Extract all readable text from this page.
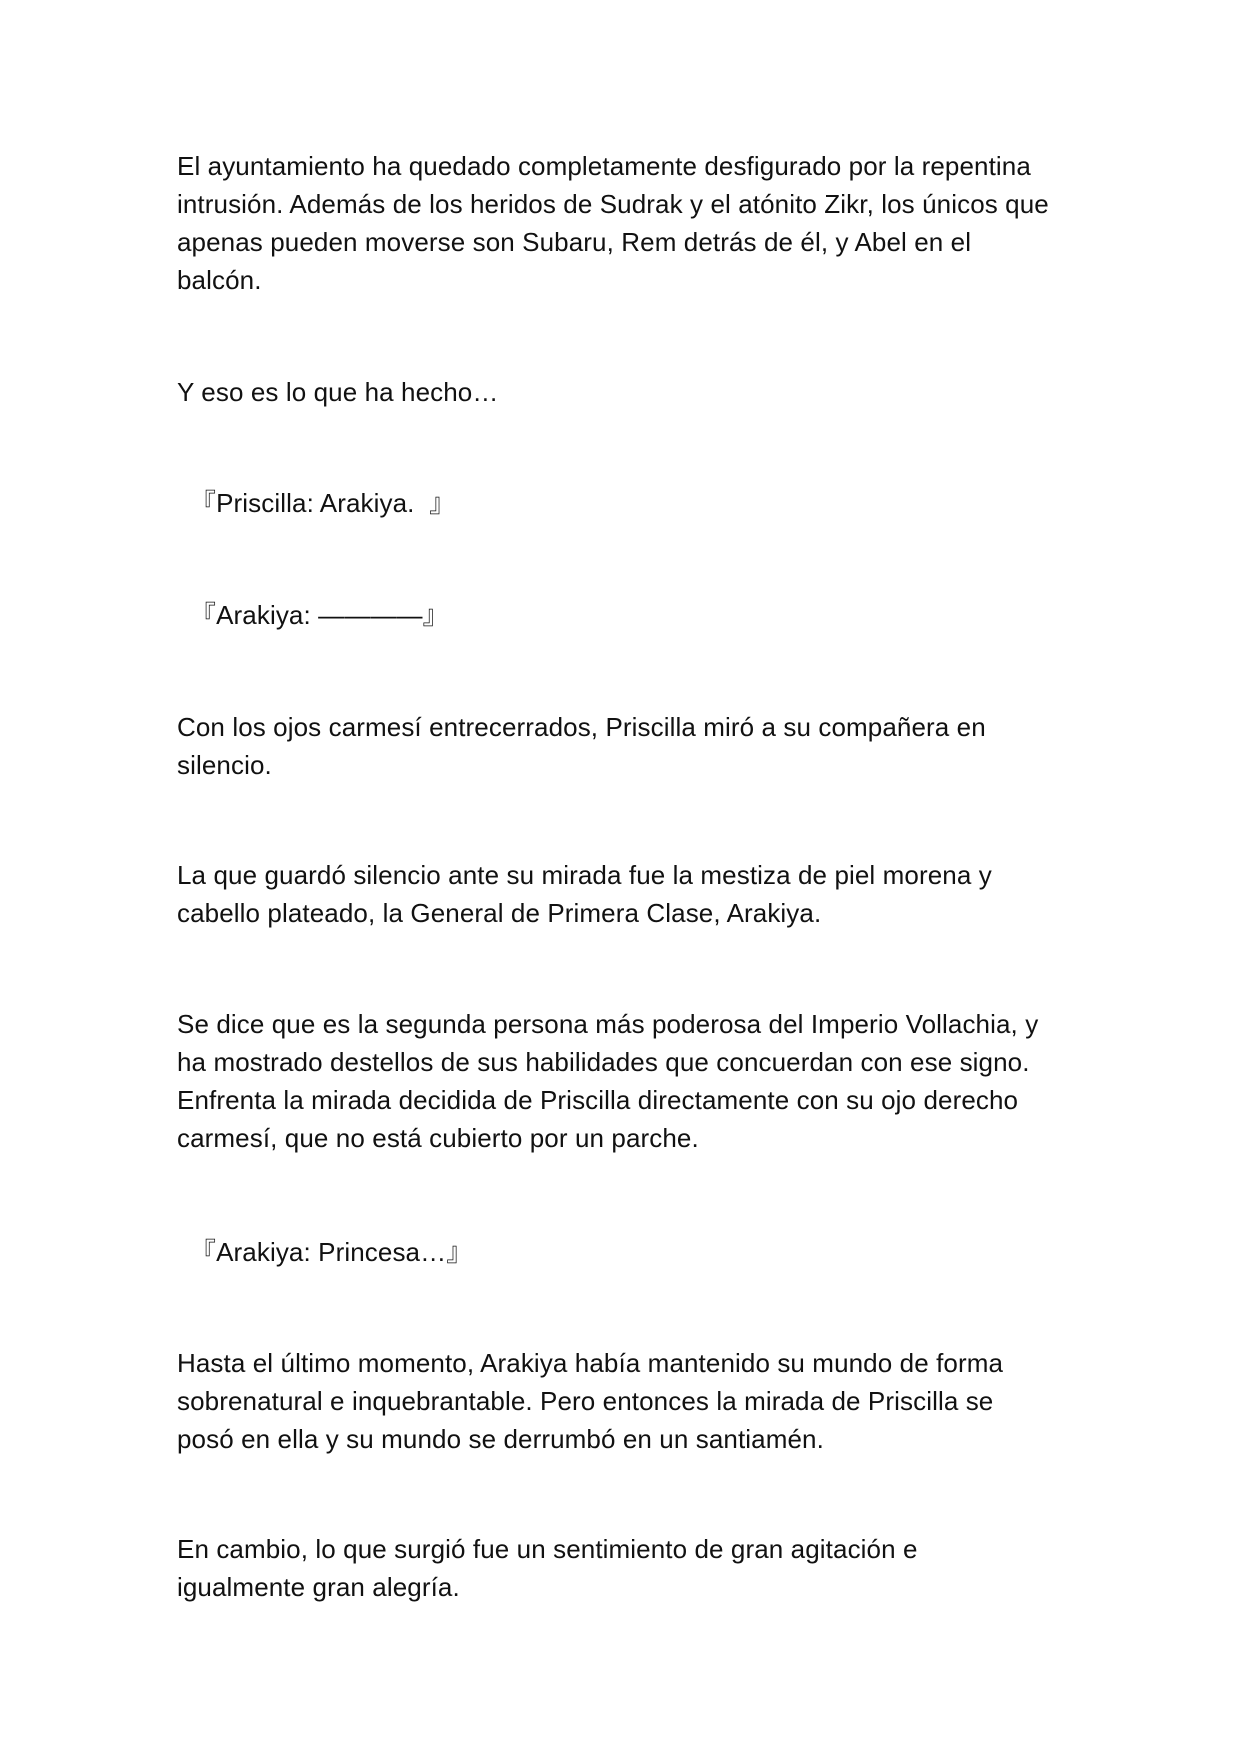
El ayuntamiento ha quedado completamente desfigurado por la repentina
intrusión. Además de los heridos de Sudrak y el atónito Zikr, los únicos que
apenas pueden moverse son Subaru, Rem detrás de él, y Abel en el
balcón.
Y eso es lo que ha hecho…
『Priscilla: Arakiya.  』
『Arakiya: ————』
Con los ojos carmesí entrecerrados, Priscilla miró a su compañera en
silencio.
La que guardó silencio ante su mirada fue la mestiza de piel morena y
cabello plateado, la General de Primera Clase, Arakiya.
Se dice que es la segunda persona más poderosa del Imperio Vollachia, y
ha mostrado destellos de sus habilidades que concuerdan con ese signo.
Enfrenta la mirada decidida de Priscilla directamente con su ojo derecho
carmesí, que no está cubierto por un parche.
『Arakiya: Princesa…』
Hasta el último momento, Arakiya había mantenido su mundo de forma
sobrenatural e inquebrantable. Pero entonces la mirada de Priscilla se
posó en ella y su mundo se derrumbó en un santiamén.
En cambio, lo que surgió fue un sentimiento de gran agitación e
igualmente gran alegría.
